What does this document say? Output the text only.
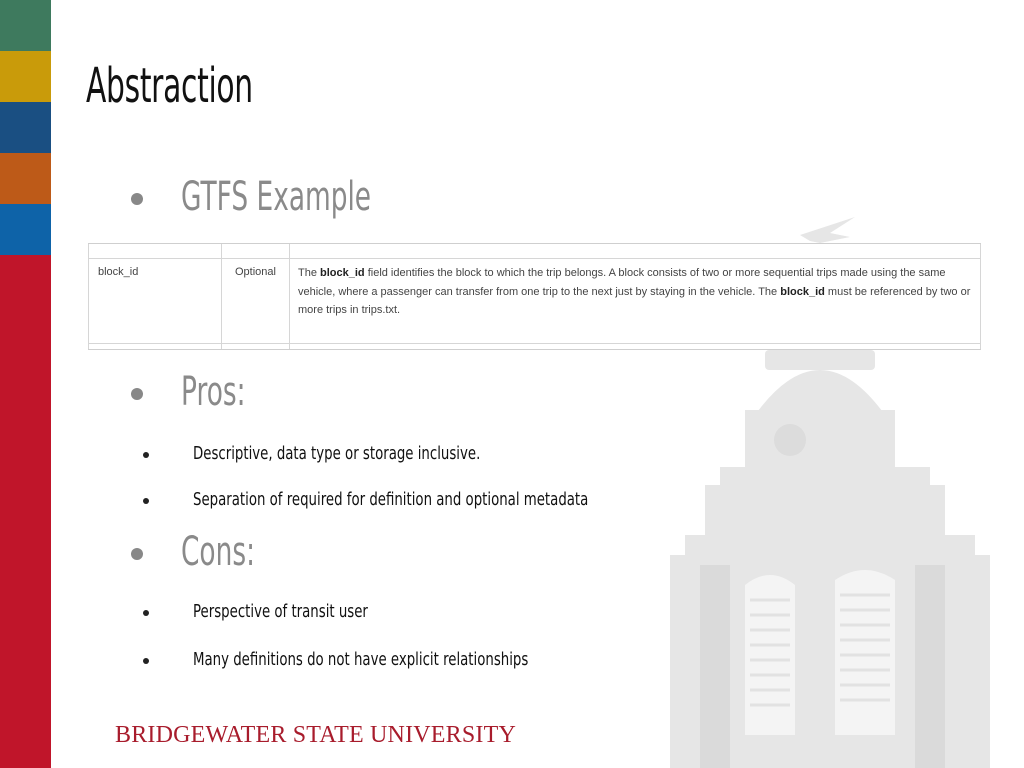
Abstraction
GTFS Example
block_id	Optional The block_id field identifies the block to which the trip belongs. A block consists of two or more sequential trips made using the same vehicle, where a passenger can transfer from one trip to the next just by staying in the vehicle. The block_id must be referenced by two or more trips in trips.txt.
Pros:
Descriptive, data type or storage inclusive.
Separation of required for definition and optional metadata
Cons:
Perspective of transit user
Many definitions do not have explicit relationships
BRIDGEWATER STATE UNIVERSITY
